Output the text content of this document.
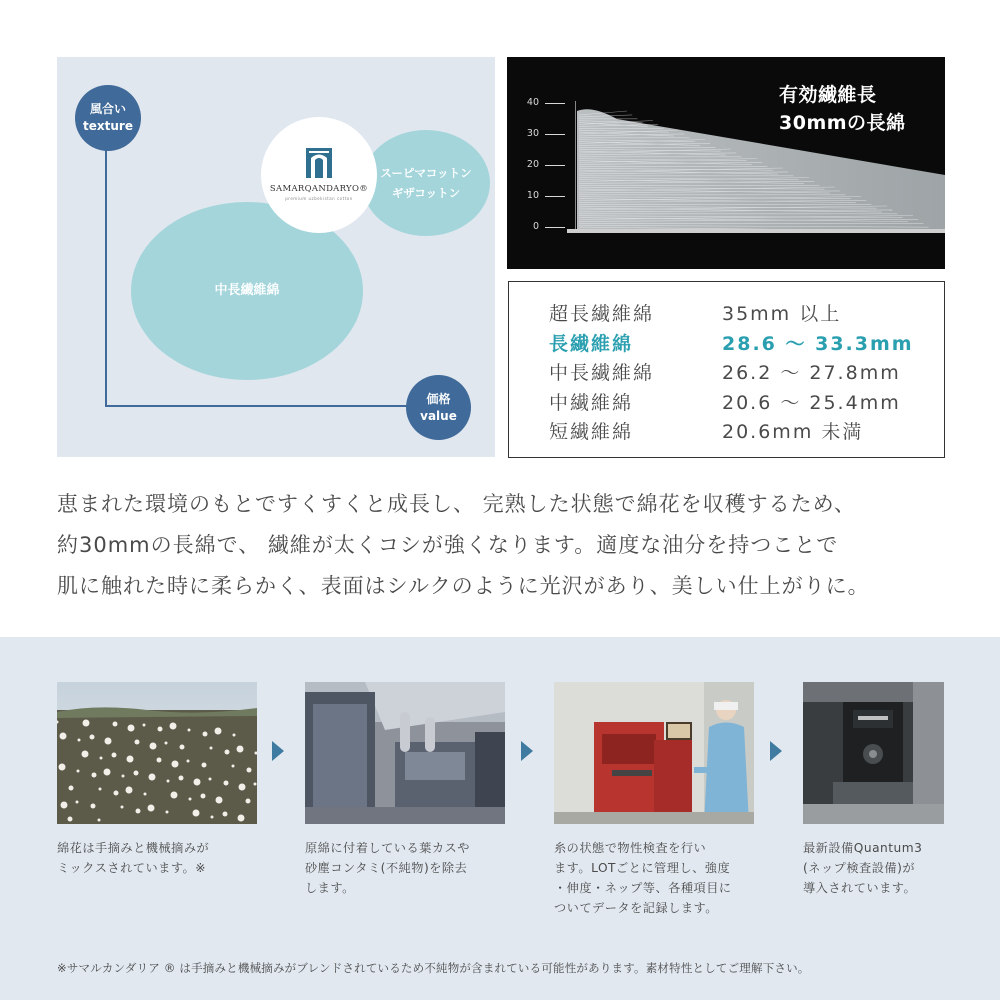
中長繊維綿
スーピマコットン
ギザコットン
SAMARQANDARYO®
premium uzbekistan cotton
風合い
texture
価格
value
40
30
20
10
0
有効繊維長
30mmの長綿
超長繊維綿	35mm 以上
長繊維綿	28.6 ～ 33.3mm
中長繊維綿	26.2 ～ 27.8mm
中繊維綿	20.6 ～ 25.4mm
短繊維綿	20.6mm 未満
恵まれた環境のもとですくすくと成長し、 完熟した状態で綿花を収穫するため、
約30mmの長綿で、 繊維が太くコシが強くなります。適度な油分を持つことで
肌に触れた時に柔らかく、表面はシルクのように光沢があり、美しい仕上がりに。
綿花は手摘みと機械摘みが
ミックスされています。※
原綿に付着している葉カスや
砂塵コンタミ(不純物)を除去
します。
糸の状態で物性検査を行い
ます。LOTごとに管理し、強度
・伸度・ネップ等、各種項目に
ついてデータを記録します。
最新設備Quantum3
(ネップ検査設備)が
導入されています。
※サマルカンダリア ® は手摘みと機械摘みがブレンドされているため不純物が含まれている可能性があります。素材特性としてご理解下さい。
